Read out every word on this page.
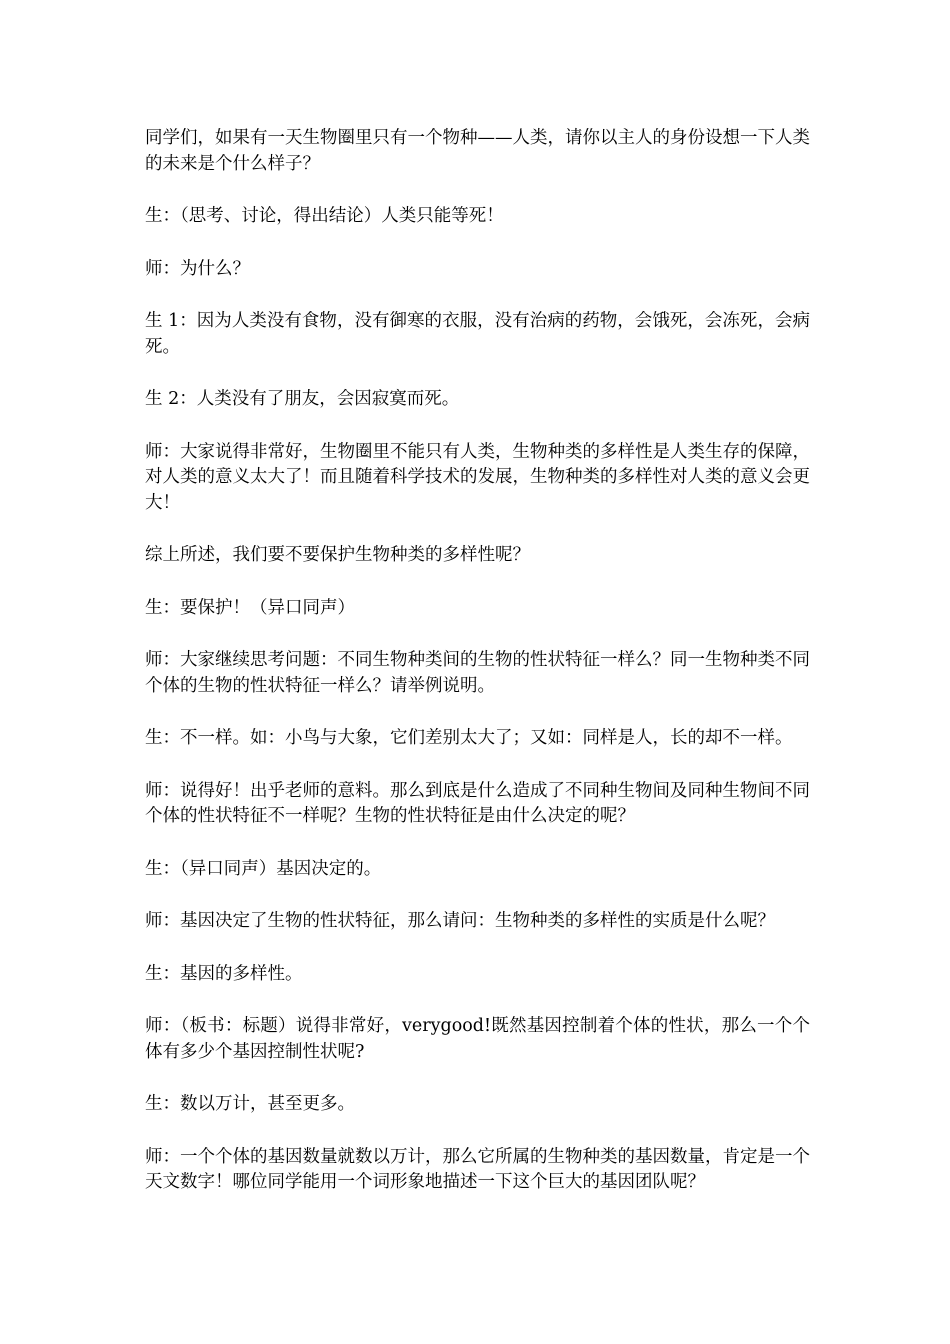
同学们，如果有一天生物圈里只有一个物种——人类，请你以主人的身份设想一下人类的未来是个什么样子？

生：（思考、讨论，得出结论）人类只能等死！

师：为什么？

生 1：因为人类没有食物，没有御寒的衣服，没有治病的药物，会饿死，会冻死，会病死。

生 2：人类没有了朋友，会因寂寞而死。

师：大家说得非常好，生物圈里不能只有人类，生物种类的多样性是人类生存的保障，对人类的意义太大了！而且随着科学技术的发展，生物种类的多样性对人类的意义会更大！

综上所述，我们要不要保护生物种类的多样性呢？

生：要保护！（异口同声）

师：大家继续思考问题：不同生物种类间的生物的性状特征一样么？同一生物种类不同个体的生物的性状特征一样么？请举例说明。

生：不一样。如：小鸟与大象，它们差别太大了；又如：同样是人，长的却不一样。

师：说得好！出乎老师的意料。那么到底是什么造成了不同种生物间及同种生物间不同个体的性状特征不一样呢？生物的性状特征是由什么决定的呢？

生：（异口同声）基因决定的。

师：基因决定了生物的性状特征，那么请问：生物种类的多样性的实质是什么呢？

生：基因的多样性。

师：（板书：标题）说得非常好，verygood!既然基因控制着个体的性状，那么一个个体有多少个基因控制性状呢?

生：数以万计，甚至更多。

师：一个个体的基因数量就数以万计，那么它所属的生物种类的基因数量，肯定是一个天文数字！哪位同学能用一个词形象地描述一下这个巨大的基因团队呢？
